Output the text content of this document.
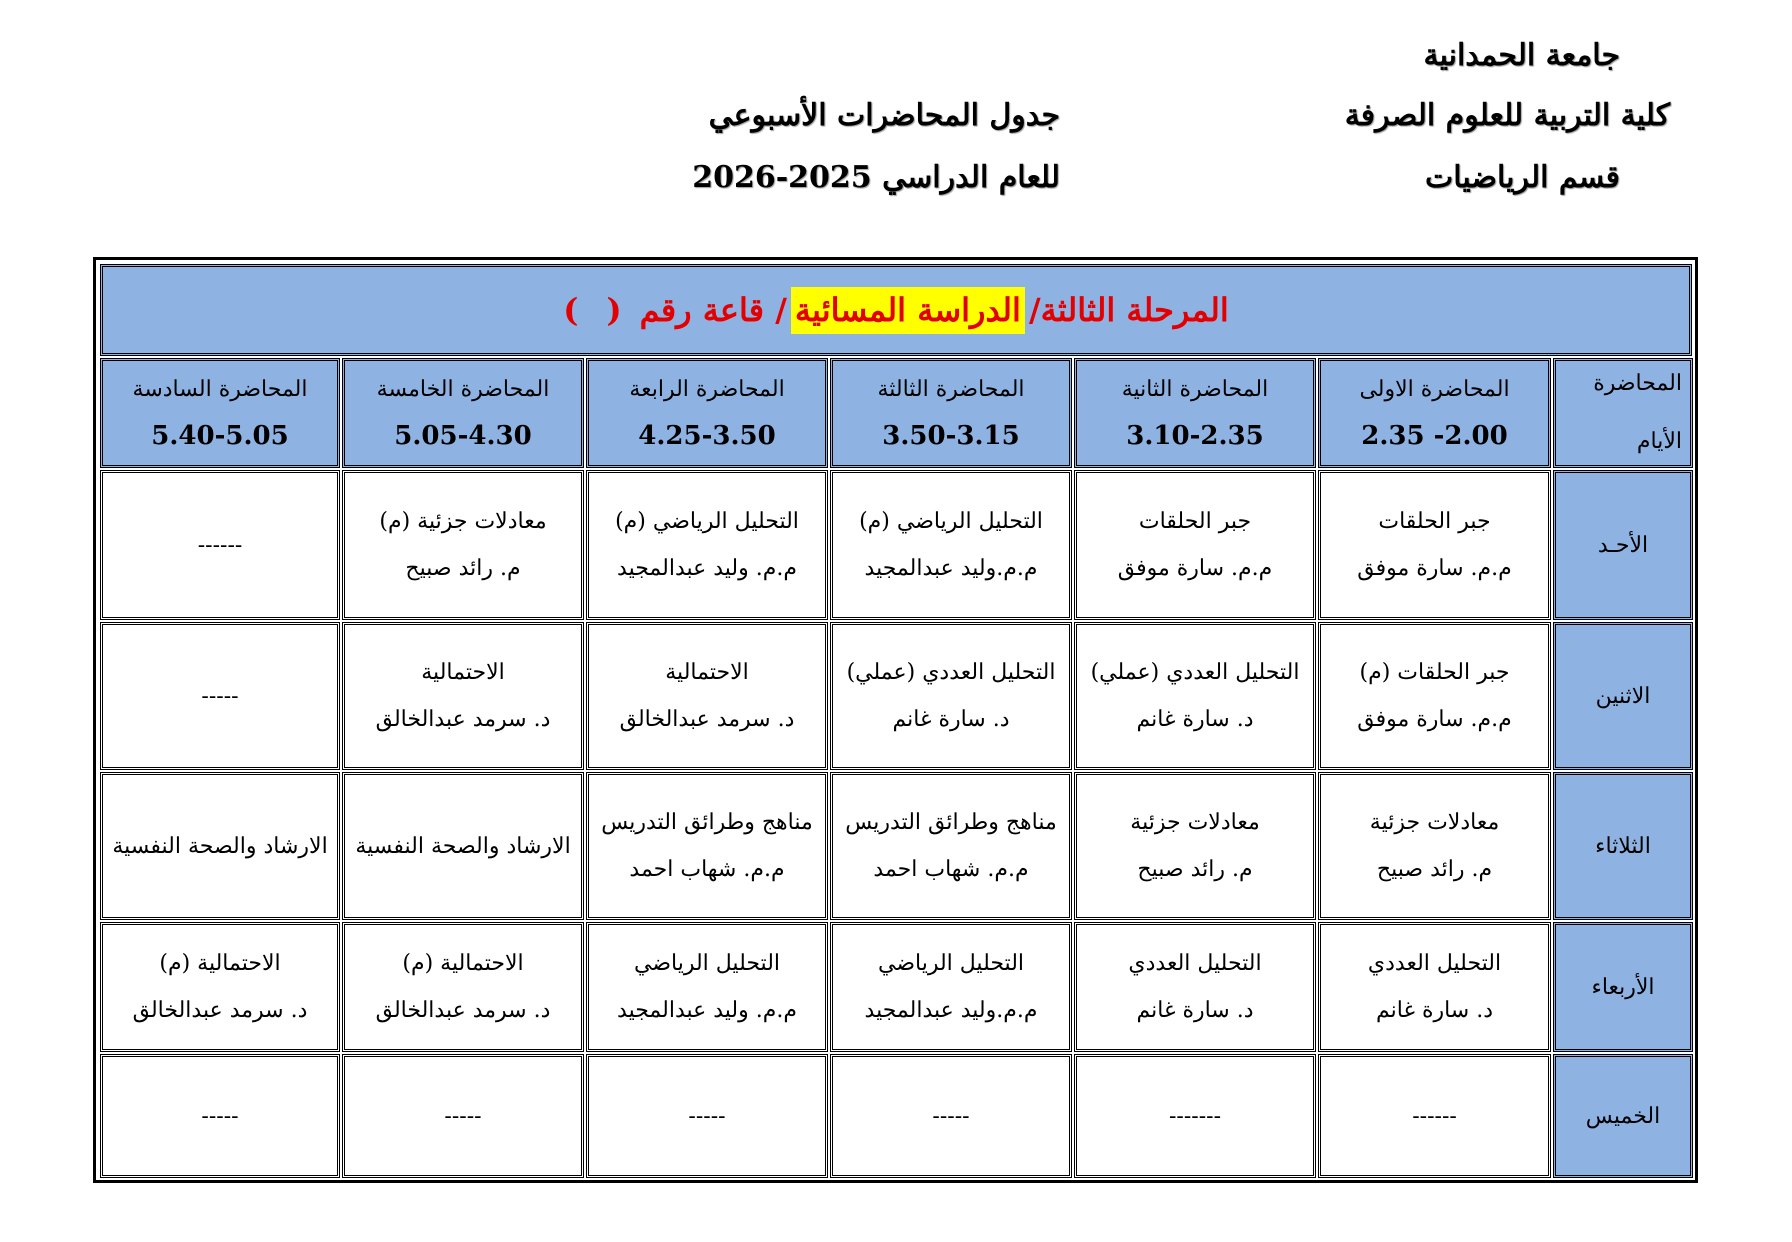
جامعة الحمدانية
كلية التربية للعلوم الصرفة
قسم الرياضيات
جدول المحاضرات الأسبوعي
للعام الدراسي 2025-2026
المرحلة الثالثة/
الدراسة المسائية
/ قاعة رقم
(
)
المحاضرة
الأيام
المحاضرة الاولى
2.35 -2.00
المحاضرة الثانية
3.10-2.35
المحاضرة الثالثة
3.50-3.15
المحاضرة الرابعة
4.25-3.50
المحاضرة الخامسة
5.05-4.30
المحاضرة السادسة
5.40-5.05
الأحـد
جبر الحلقات
م.م. سارة موفق
جبر الحلقات
م.م. سارة موفق
التحليل الرياضي (م)
م.م.وليد عبدالمجيد
التحليل الرياضي (م)
م.م. وليد عبدالمجيد
معادلات جزئية (م)
م. رائد صبيح
------
الاثنين
جبر الحلقات (م)
م.م. سارة موفق
التحليل العددي (عملي)
د. سارة غانم
التحليل العددي (عملي)
د. سارة غانم
الاحتمالية
د. سرمد عبدالخالق
الاحتمالية
د. سرمد عبدالخالق
-----
الثلاثاء
معادلات جزئية
م. رائد صبيح
معادلات جزئية
م. رائد صبيح
مناهج وطرائق التدريس
م.م. شهاب احمد
مناهج وطرائق التدريس
م.م. شهاب احمد
الارشاد والصحة النفسية
الارشاد والصحة النفسية
الأربعاء
التحليل العددي
د. سارة غانم
التحليل العددي
د. سارة غانم
التحليل الرياضي
م.م.وليد عبدالمجيد
التحليل الرياضي
م.م. وليد عبدالمجيد
الاحتمالية (م)
د. سرمد عبدالخالق
الاحتمالية (م)
د. سرمد عبدالخالق
الخميس
------
-------
-----
-----
-----
-----
